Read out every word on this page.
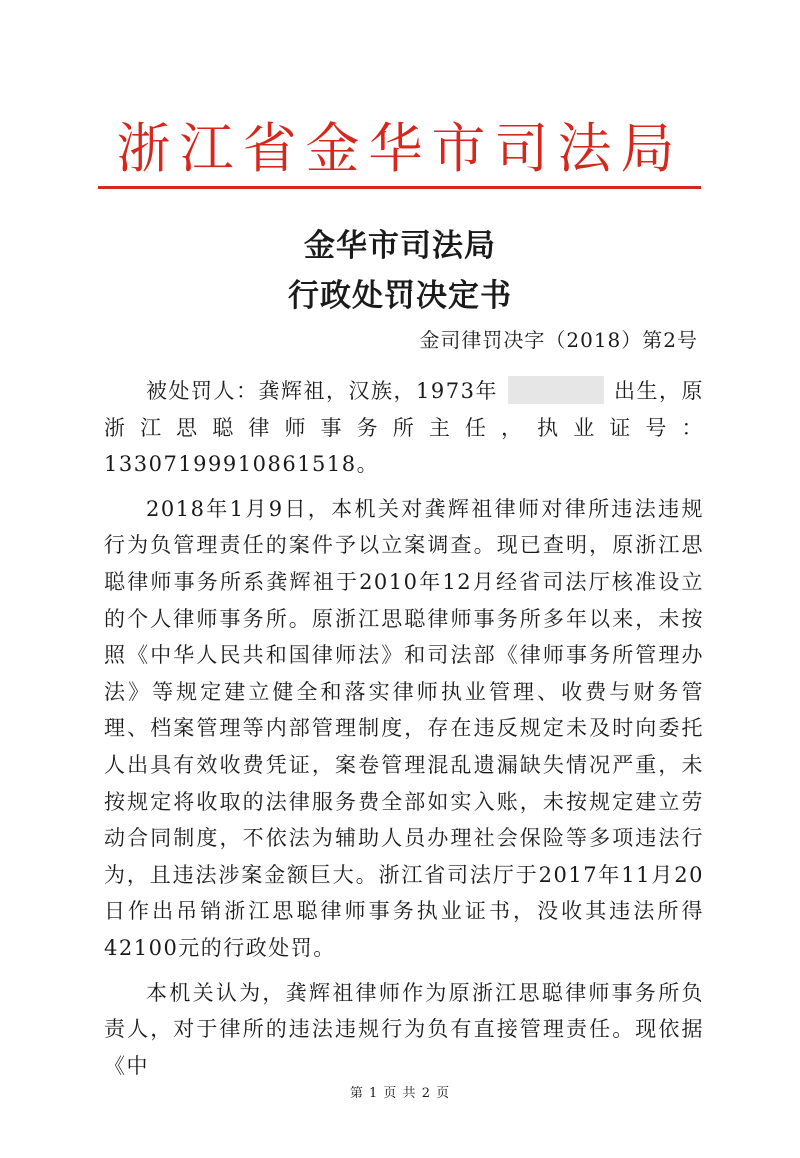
浙江省金华市司法局
金华市司法局
行政处罚决定书
金司律罚决字（2018）第2号

被处罚人：龚辉祖，汉族，1973年	出生，原浙江思聪律师事务所主任，执业证号：13307199910861518。

2018年1月9日，本机关对龚辉祖律师对律所违法违规行为负管理责任的案件予以立案调查。现已查明，原浙江思聪律师事务所系龚辉祖于2010年12月经省司法厅核准设立的个人律师事务所。原浙江思聪律师事务所多年以来，未按照《中华人民共和国律师法》和司法部《律师事务所管理办法》等规定建立健全和落实律师执业管理、收费与财务管理、档案管理等内部管理制度，存在违反规定未及时向委托人出具有效收费凭证，案卷管理混乱遗漏缺失情况严重，未按规定将收取的法律服务费全部如实入账，未按规定建立劳动合同制度，不依法为辅助人员办理社会保险等多项违法行为，且违法涉案金额巨大。浙江省司法厅于2017年11月20日作出吊销浙江思聪律师事务执业证书，没收其违法所得42100元的行政处罚。

本机关认为，龚辉祖律师作为原浙江思聪律师事务所负责人，对于律所的违法违规行为负有直接管理责任。现依据《中

第 1 页 共 2 页
